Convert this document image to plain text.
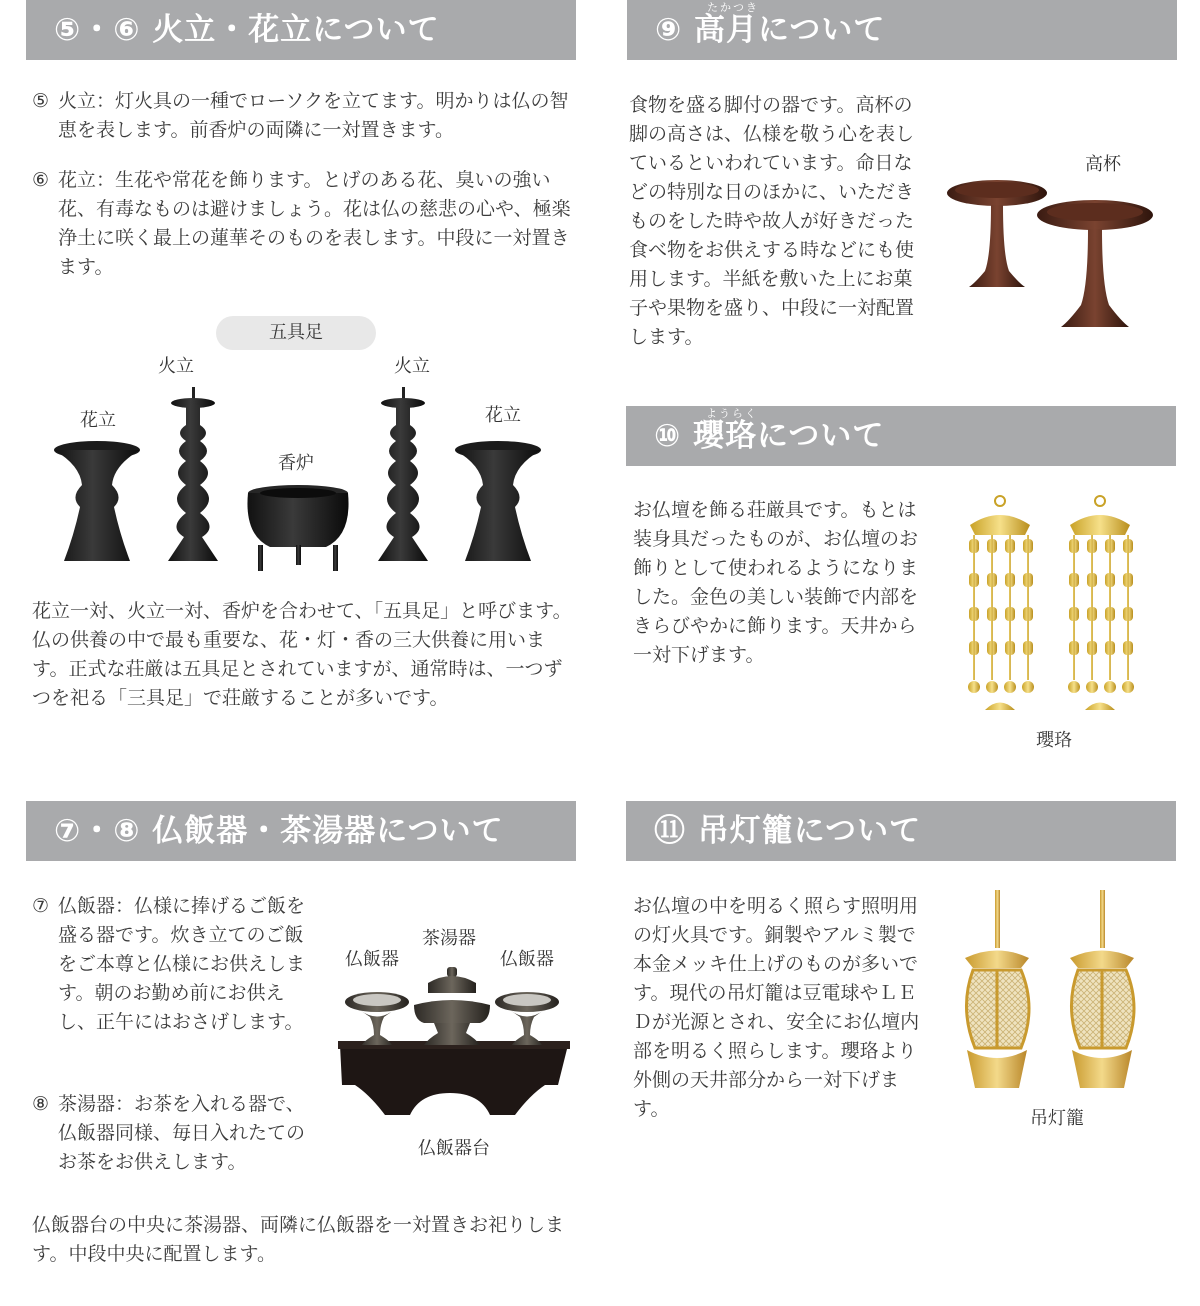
⑤・⑥ 火立・花立について
⑤ 火立：灯火具の一種でローソクを立てます。明かりは仏の智恵を表します。前香炉の両隣に一対置きます。
⑥ 花立：生花や常花を飾ります。とげのある花、臭いの強い花、有毒なものは避けましょう。花は仏の慈悲の心や、極楽浄土に咲く最上の蓮華そのものを表します。中段に一対置きます。
五具足
花立
火立
香炉
火立
花立

花立一対、火立一対、香炉を合わせて、「五具足」と呼びます。仏の供養の中で最も重要な、花・灯・香の三大供養に用います。正式な荘厳は五具足とされていますが、通常時は、一つずつを祀る「三具足」で荘厳することが多いです。

たかつき
⑨ 高月について

食物を盛る脚付の器です。高杯の脚の高さは、仏様を敬う心を表しているといわれています。命日などの特別な日のほかに、いただきものをした時や故人が好きだった食べ物をお供えする時などにも使用します。半紙を敷いた上にお菓子や果物を盛り、中段に一対配置します。

高杯
ようらく
⑩ 瓔珞について

お仏壇を飾る荘厳具です。もとは装身具だったものが、お仏壇のお飾りとして使われるようになりました。金色の美しい装飾で内部をきらびやかに飾ります。天井から一対下げます。

瓔珞
⑦・⑧ 仏飯器・茶湯器について
⑦ 仏飯器：仏様に捧げるご飯を盛る器です。炊き立てのご飯をご本尊と仏様にお供えします。朝のお勤め前にお供えし、正午にはおさげします。
⑧ 茶湯器：お茶を入れる器で、仏飯器同様、毎日入れたてのお茶をお供えします。
茶湯器
仏飯器	仏飯器
仏飯器台

仏飯器台の中央に茶湯器、両隣に仏飯器を一対置きお祀りします。中段中央に配置します。

⑪ 吊灯籠について

お仏壇の中を明るく照らす照明用の灯火具です。銅製やアルミ製で本金メッキ仕上げのものが多いです。現代の吊灯籠は豆電球やＬＥＤが光源とされ、安全にお仏壇内部を明るく照らします。瓔珞より外側の天井部分から一対下げます。	吊灯籠
